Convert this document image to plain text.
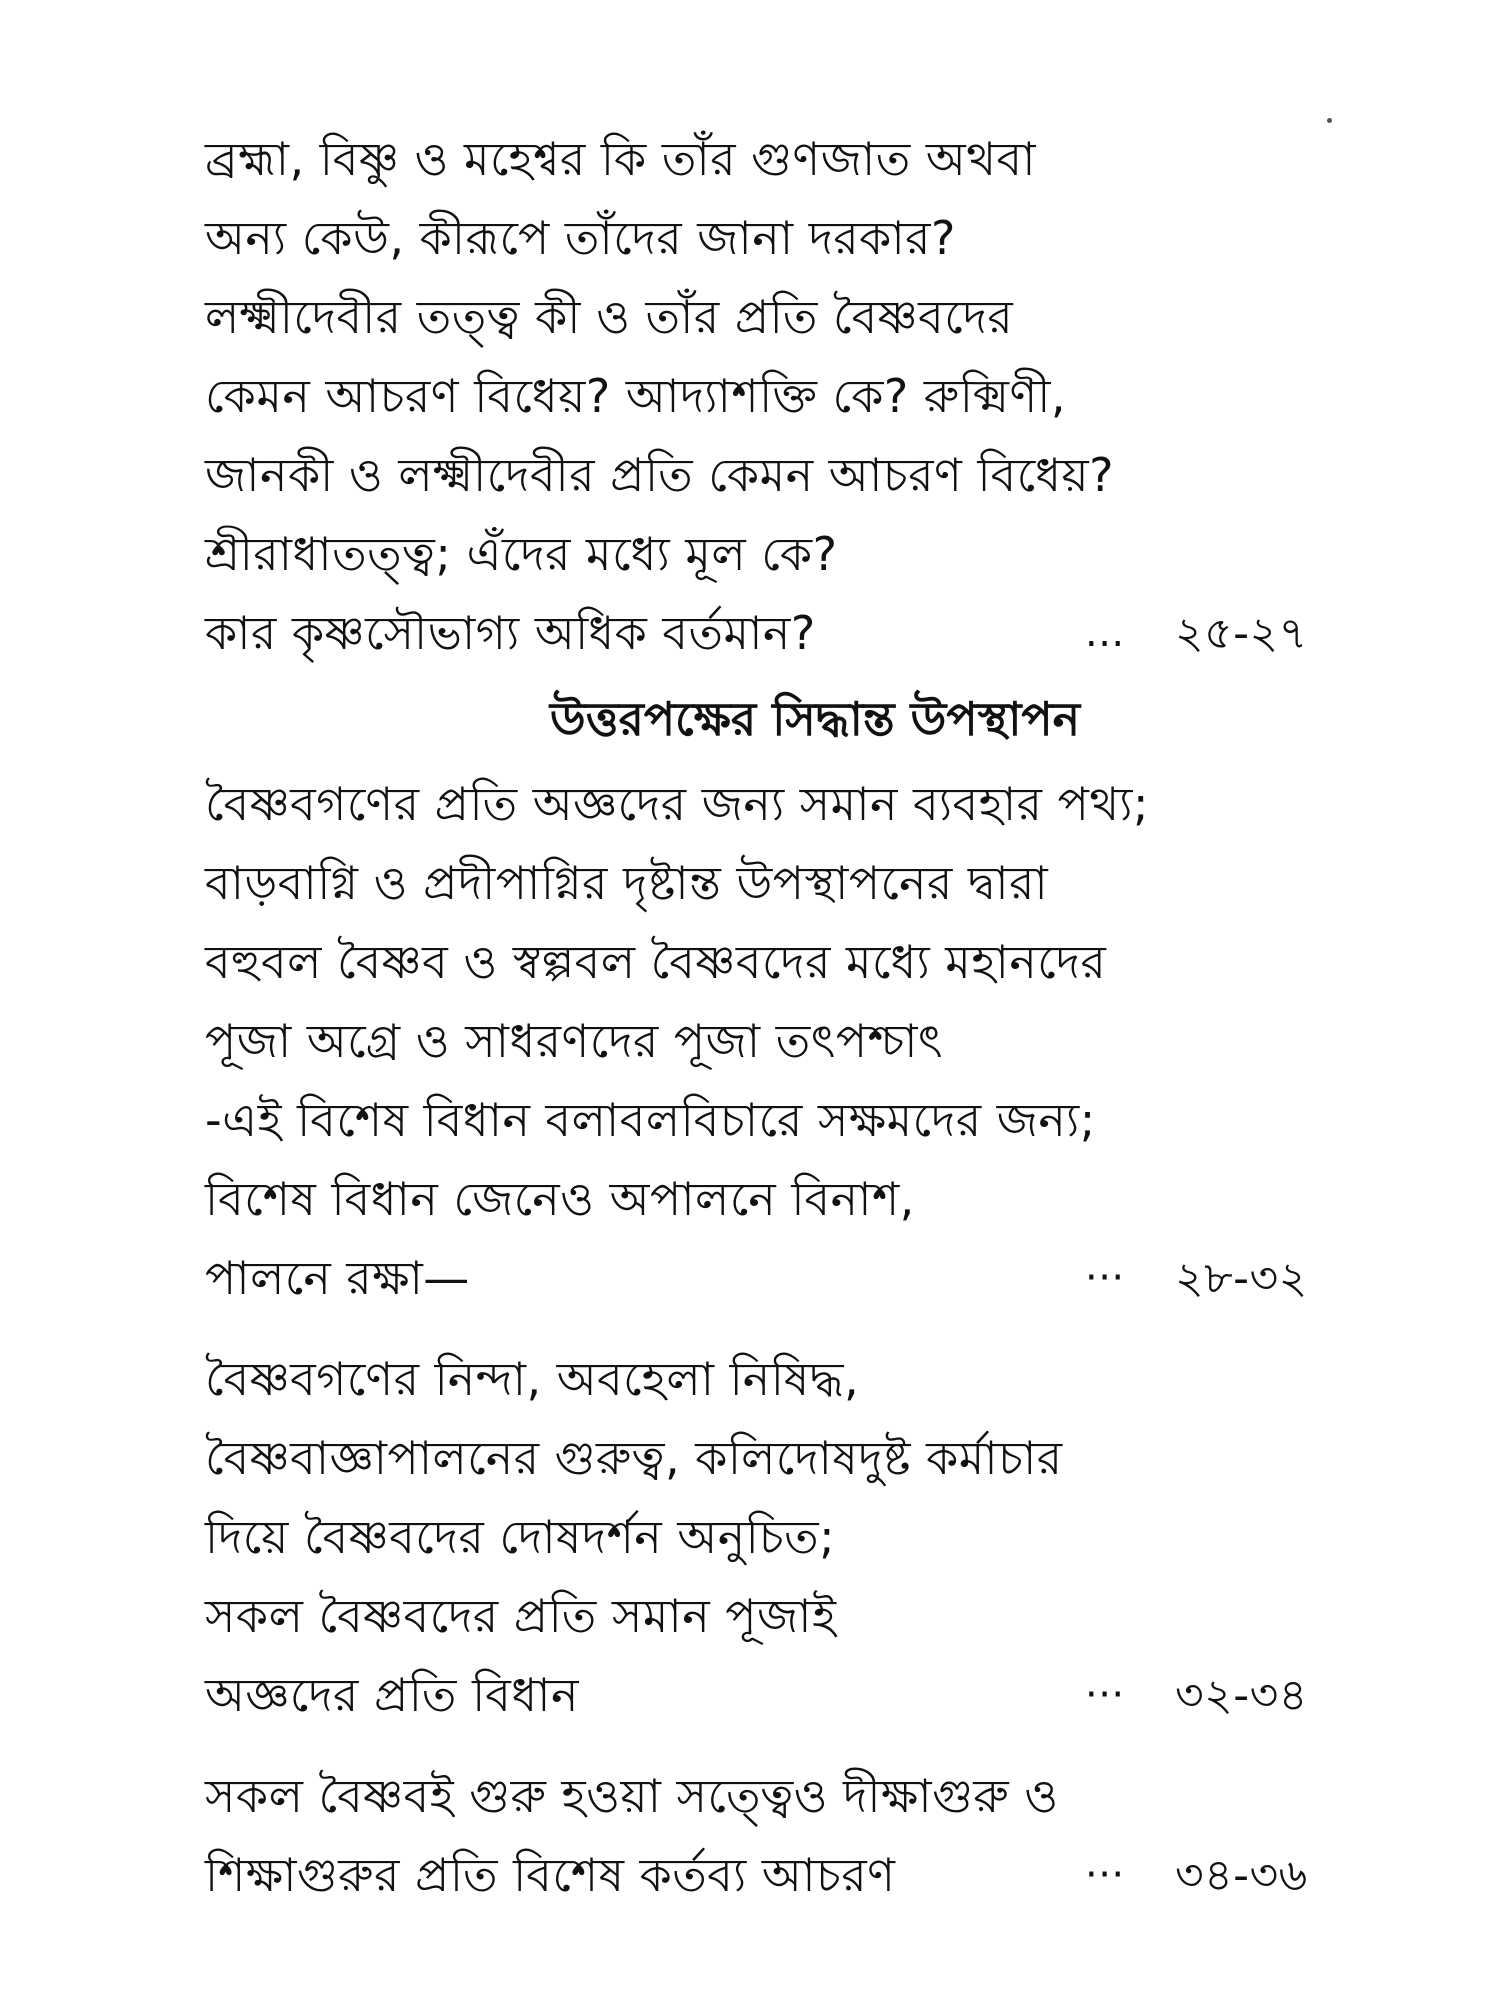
ব্রহ্মা, বিষ্ণু ও মহেশ্বর কি তাঁর গুণজাত অথবা
অন্য কেউ, কীরূপে তাঁদের জানা দরকার?
লক্ষ্মীদেবীর তত্ত্ব কী ও তাঁর প্রতি বৈষ্ণবদের
কেমন আচরণ বিধেয়? আদ্যাশক্তি কে? রুক্মিণী,
জানকী ও লক্ষ্মীদেবীর প্রতি কেমন আচরণ বিধেয়?
শ্রীরাধাতত্ত্ব; এঁদের মধ্যে মূল কে?
কার কৃষ্ণসৌভাগ্য অধিক বর্তমান?	... ২৫-২৭
উত্তরপক্ষের সিদ্ধান্ত উপস্থাপন
বৈষ্ণবগণের প্রতি অজ্ঞদের জন্য সমান ব্যবহার পথ্য;
বাড়বাগ্নি ও প্রদীপাগ্নির দৃষ্টান্ত উপস্থাপনের দ্বারা
বহুবল বৈষ্ণব ও স্বল্পবল বৈষ্ণবদের মধ্যে মহানদের
পূজা অগ্রে ও সাধরণদের পূজা তৎপশ্চাৎ
-এই বিশেষ বিধান বলাবলবিচারে সক্ষমদের জন্য;
বিশেষ বিধান জেনেও অপালনে বিনাশ,
পালনে রক্ষা—	··· ২৮-৩২
বৈষ্ণবগণের নিন্দা, অবহেলা নিষিদ্ধ,
বৈষ্ণবাজ্ঞাপালনের গুরুত্ব, কলিদোষদুষ্ট কর্মাচার
দিয়ে বৈষ্ণবদের দোষদর্শন অনুচিত;
সকল বৈষ্ণবদের প্রতি সমান পূজাই
অজ্ঞদের প্রতি বিধান	··· ৩২-৩৪
সকল বৈষ্ণবই গুরু হওয়া সত্ত্বেও দীক্ষাগুরু ও
শিক্ষাগুরুর প্রতি বিশেষ কর্তব্য আচরণ	··· ৩৪-৩৬
